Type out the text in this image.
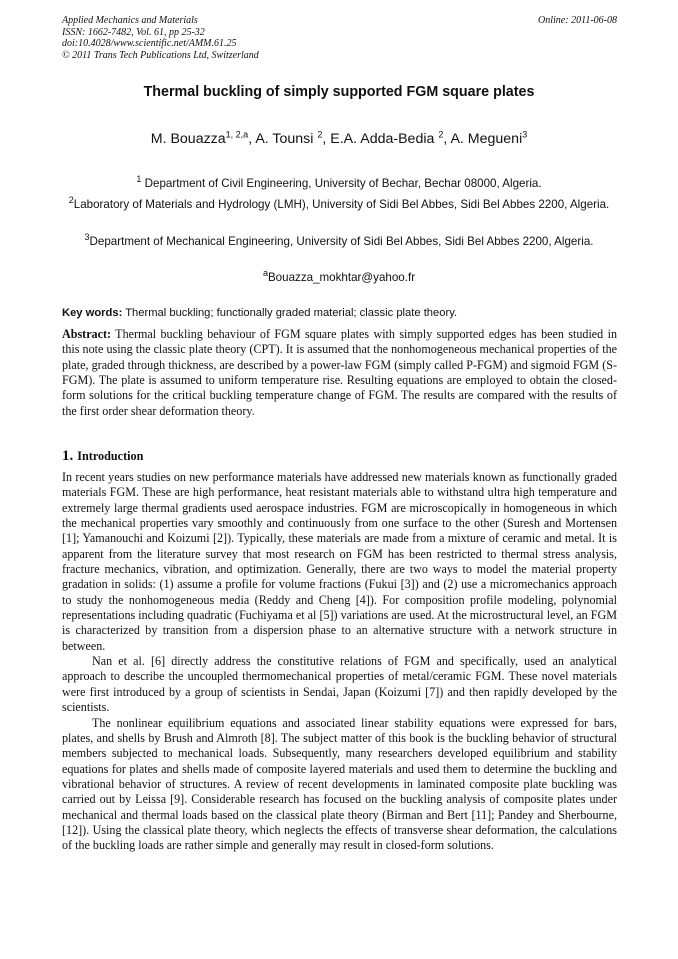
Applied Mechanics and Materials
ISSN: 1662-7482, Vol. 61, pp 25-32
doi:10.4028/www.scientific.net/AMM.61.25
© 2011 Trans Tech Publications Ltd, Switzerland
Online: 2011-06-08
Thermal buckling of simply supported FGM square plates
M. Bouazza$^{1, 2,a}$, A. Tounsi $^2$, E.A. Adda-Bedia $^2$, A. Megueni$^3$
$^1$ Department of Civil Engineering, University of Bechar, Bechar 08000, Algeria.
$^2$Laboratory of Materials and Hydrology (LMH), University of Sidi Bel Abbes, Sidi Bel Abbes 2200, Algeria.
$^3$Department of Mechanical Engineering, University of Sidi Bel Abbes, Sidi Bel Abbes 2200, Algeria.
$^a$Bouazza_mokhtar@yahoo.fr
Key words: Thermal buckling; functionally graded material; classic plate theory.
Abstract: Thermal buckling behaviour of FGM square plates with simply supported edges has been studied in this note using the classic plate theory (CPT). It is assumed that the nonhomogeneous mechanical properties of the plate, graded through thickness, are described by a power-law FGM (simply called P-FGM) and sigmoid FGM (S-FGM). The plate is assumed to uniform temperature rise. Resulting equations are employed to obtain the closed-form solutions for the critical buckling temperature change of FGM. The results are compared with the results of the first order shear deformation theory.
1. Introduction
In recent years studies on new performance materials have addressed new materials known as functionally graded materials FGM. These are high performance, heat resistant materials able to withstand ultra high temperature and extremely large thermal gradients used aerospace industries. FGM are microscopically in homogeneous in which the mechanical properties vary smoothly and continuously from one surface to the other (Suresh and Mortensen [1]; Yamanouchi and Koizumi [2]). Typically, these materials are made from a mixture of ceramic and metal. It is apparent from the literature survey that most research on FGM has been restricted to thermal stress analysis, fracture mechanics, vibration, and optimization. Generally, there are two ways to model the material property gradation in solids: (1) assume a profile for volume fractions (Fukui [3]) and (2) use a micromechanics approach to study the nonhomogeneous media (Reddy and Cheng [4]). For composition profile modeling, polynomial representations including quadratic (Fuchiyama et al [5]) variations are used. At the microstructural level, an FGM is characterized by transition from a dispersion phase to an alternative structure with a network structure in between.
Nan et al. [6] directly address the constitutive relations of FGM and specifically, used an analytical approach to describe the uncoupled thermomechanical properties of metal/ceramic FGM. These novel materials were first introduced by a group of scientists in Sendai, Japan (Koizumi [7]) and then rapidly developed by the scientists.
The nonlinear equilibrium equations and associated linear stability equations were expressed for bars, plates, and shells by Brush and Almroth [8]. The subject matter of this book is the buckling behavior of structural members subjected to mechanical loads. Subsequently, many researchers developed equilibrium and stability equations for plates and shells made of composite layered materials and used them to determine the buckling and vibrational behavior of structures. A review of recent developments in laminated composite plate buckling was carried out by Leissa [9]. Considerable research has focused on the buckling analysis of composite plates under mechanical and thermal loads based on the classical plate theory (Birman and Bert [11]; Pandey and Sherbourne, [12]). Using the classical plate theory, which neglects the effects of transverse shear deformation, the calculations of the buckling loads are rather simple and generally may result in closed-form solutions.
